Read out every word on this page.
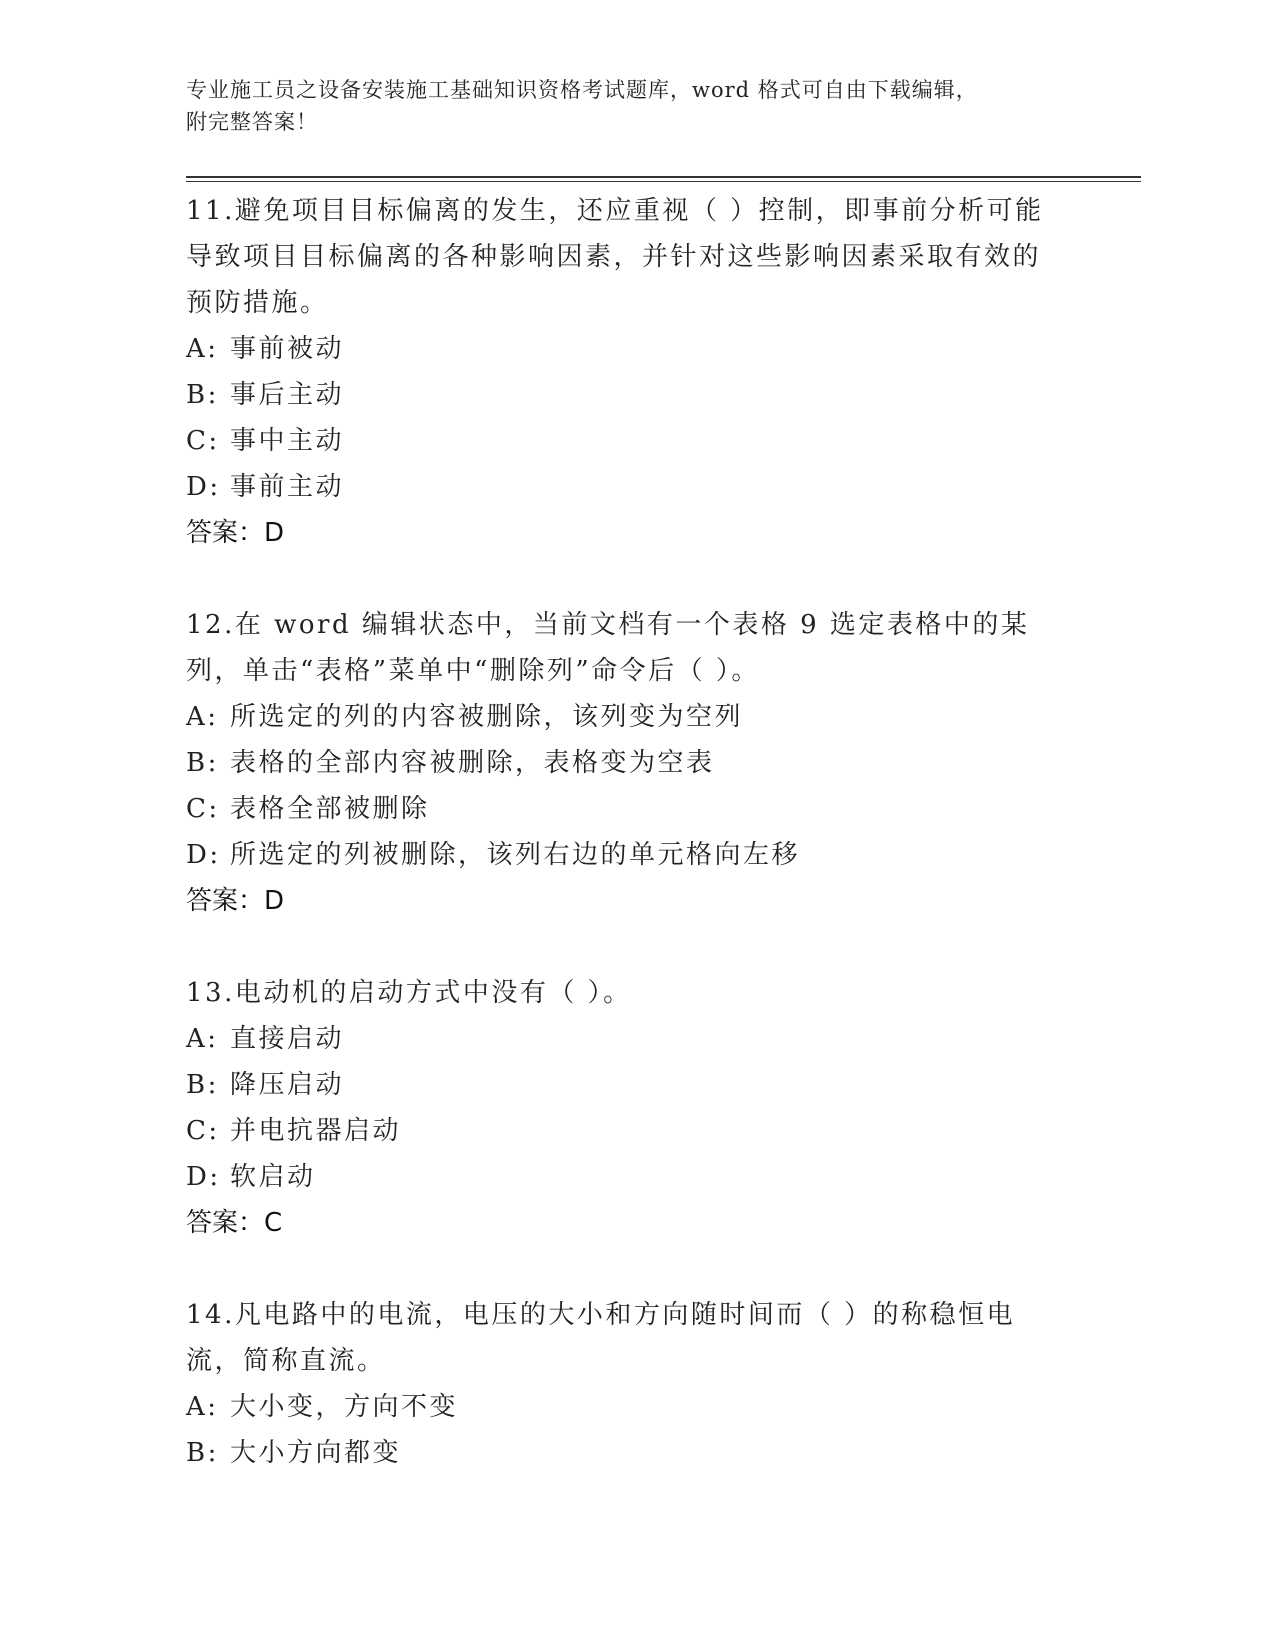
专业施工员之设备安装施工基础知识资格考试题库，word 格式可自由下载编辑，
附完整答案！
11.避免项目目标偏离的发生，还应重视（ ）控制，即事前分析可能导致项目目标偏离的各种影响因素，并针对这些影响因素采取有效的预防措施。
A: 事前被动
B: 事后主动
C: 事中主动
D: 事前主动
答案：D
12.在 word 编辑状态中，当前文档有一个表格 9 选定表格中的某列，单击“表格”菜单中“删除列”命令后（ ）。
A: 所选定的列的内容被删除，该列变为空列
B: 表格的全部内容被删除，表格变为空表
C: 表格全部被删除
D: 所选定的列被删除，该列右边的单元格向左移
答案：D
13.电动机的启动方式中没有（ ）。
A: 直接启动
B: 降压启动
C: 并电抗器启动
D: 软启动
答案：C
14.凡电路中的电流，电压的大小和方向随时间而（ ）的称稳恒电流，简称直流。
A: 大小变，方向不变
B: 大小方向都变
